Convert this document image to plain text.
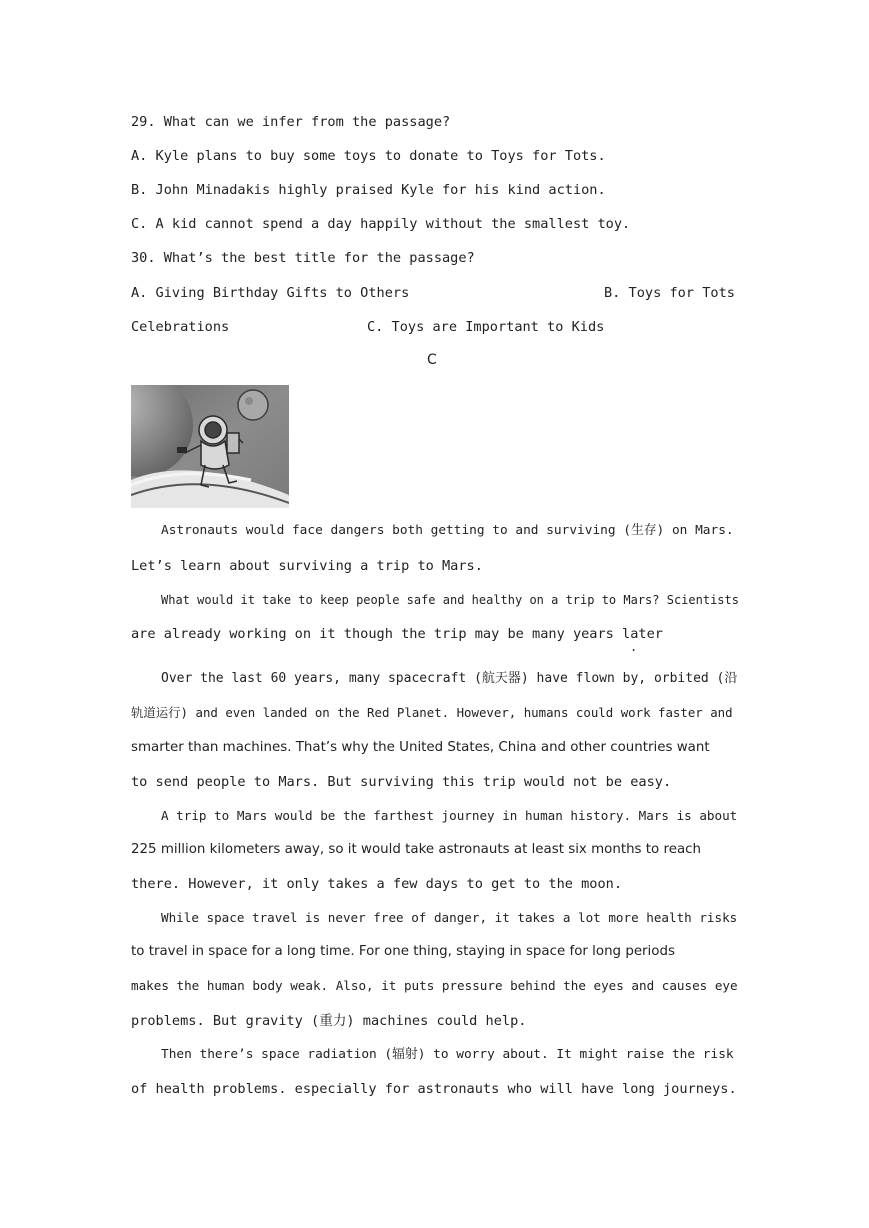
29. What can we infer from the passage?
A. Kyle plans to buy some toys to donate to Toys for Tots.
B. John Minadakis highly praised Kyle for his kind action.
C. A kid cannot spend a day happily without the smallest toy.
30. What’s the best title for the passage?
A. Giving Birthday Gifts to Others	B. Toys for Tots
Celebrations	C. Toys are Important to Kids
C
Astronauts would face dangers both getting to and surviving (生存) on Mars.
Let’s learn about surviving a trip to Mars.
What would it take to keep people safe and healthy on a trip to Mars? Scientists
are already working on it though the trip may be many years later
.
Over the last 60 years, many spacecraft (航天器) have flown by, orbited (沿
轨道运行) and even landed on the Red Planet. However, humans could work faster and
smarter than machines. That’s why the United States, China and other countries want
to send people to Mars. But surviving this trip would not be easy.
A trip to Mars would be the farthest journey in human history. Mars is about
225 million kilometers away, so it would take astronauts at least six months to reach
there. However, it only takes a few days to get to the moon.
While space travel is never free of danger, it takes a lot more health risks
to travel in space for a long time. For one thing, staying in space for long periods
makes the human body weak. Also, it puts pressure behind the eyes and causes eye
problems. But gravity (重力) machines could help.
Then there’s space radiation (辐射) to worry about. It might raise the risk
of health problems. especially for astronauts who will have long journeys.
